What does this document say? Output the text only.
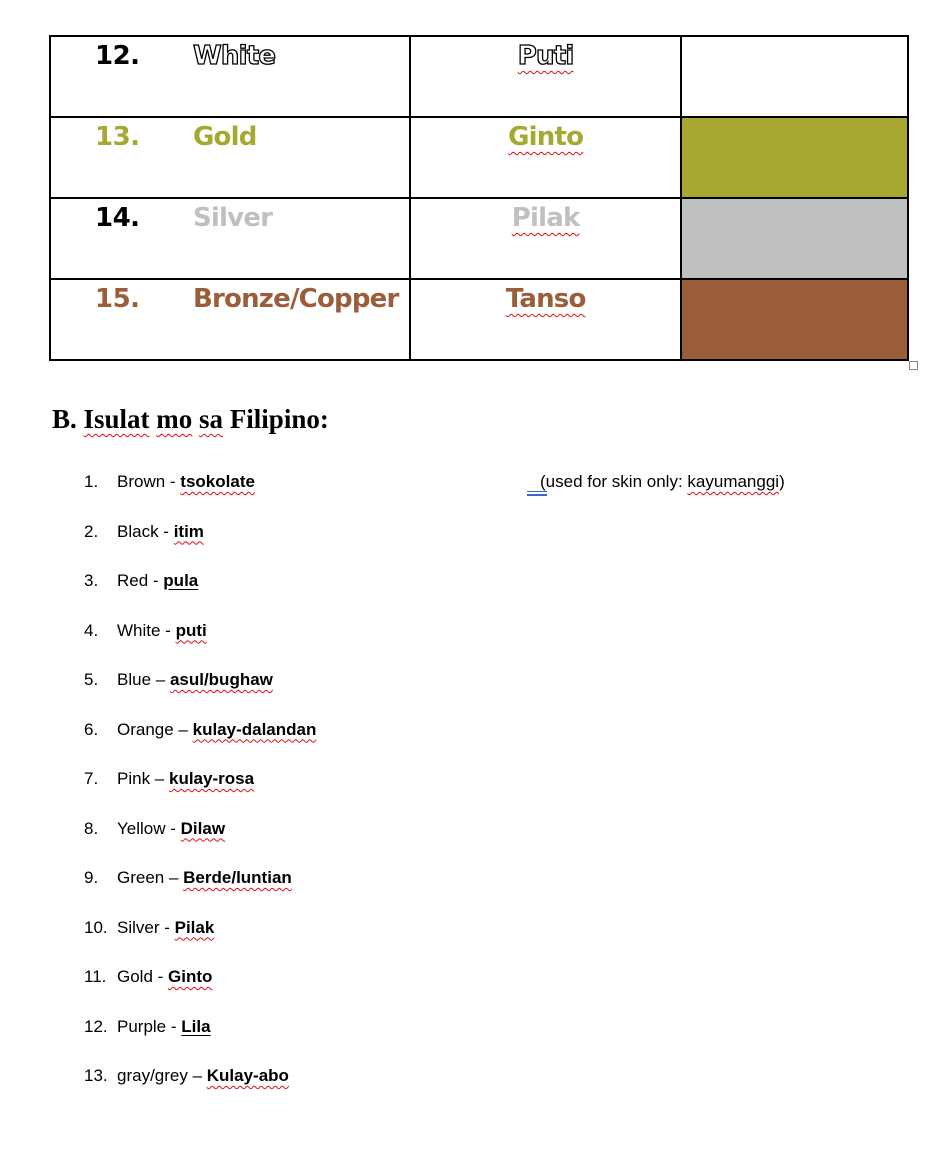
12. White	Puti	

13. Gold	Ginto	

14. Silver	Pilak	

15. Bronze/Copper	Tanso	

B. Isulat mo sa Filipino:
1. Brown - tsokolate
2. Black - itim
3. Red - pula
4. White - puti
5. Blue – asul/bughaw
6. Orange – kulay-dalandan
7. Pink – kulay-rosa
8. Yellow - Dilaw
9. Green – Berde/luntian
10. Silver - Pilak
11. Gold - Ginto
12. Purple - Lila
13. gray/grey – Kulay-abo
(used for skin only: kayumanggi)
